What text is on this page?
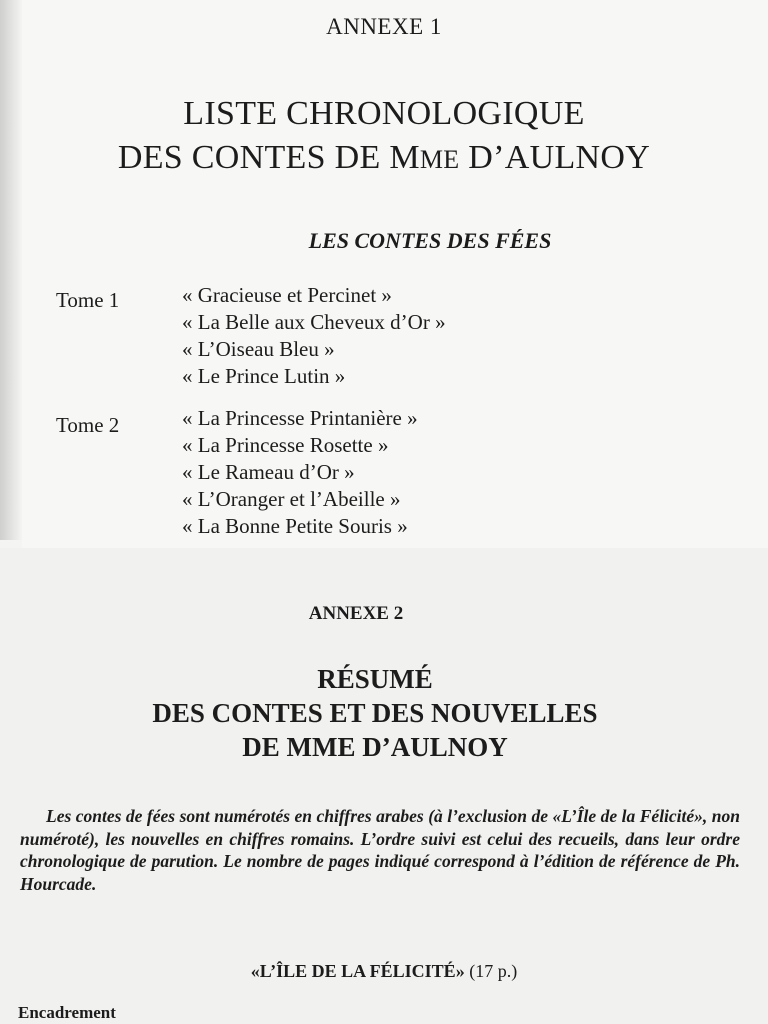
ANNEXE 1
LISTE CHRONOLOGIQUE
DES CONTES DE MME D’AULNOY
LES CONTES DES FÉES
Tome 1	« Gracieuse et Percinet »
« La Belle aux Cheveux d’Or »
« L’Oiseau Bleu »
« Le Prince Lutin »
Tome 2	« La Princesse Printanière »
« La Princesse Rosette »
« Le Rameau d’Or »
« L’Oranger et l’Abeille »
« La Bonne Petite Souris »
ANNEXE 2
RÉSUMÉ
DES CONTES ET DES NOUVELLES
DE MME D’AULNOY

Les contes de fées sont numérotés en chiffres arabes (à l’exclusion de «L’Île de la Félicité», non numéroté), les nouvelles en chiffres romains. L’ordre suivi est celui des recueils, dans leur ordre chronologique de parution. Le nombre de pages indiqué correspond à l’édition de référence de Ph. Hourcade.

«L’ÎLE DE LA FÉLICITÉ» (17 p.)
Encadrement
